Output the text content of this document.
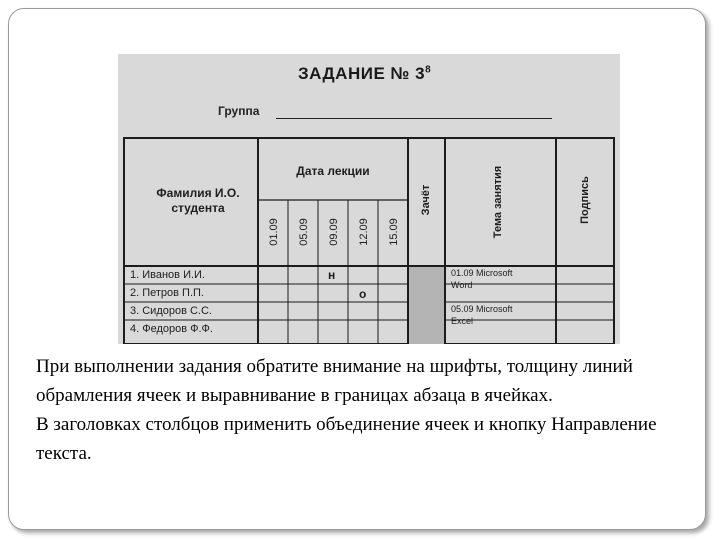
ЗАДАНИЕ № $3^8$
Группа
Фамилия И.О. студента
Дата лекции
01.09 05.09 09.09 12.09 15.09
Зачёт	Тема занятия	Подпись
1. Иванов И.И.
2. Петров П.П.
3. Сидоров С.С.
4. Федоров Ф.Ф.
н
о
01.09 Microsoft Word
05.09 Microsoft Excel

При выполнении задания обратите внимание на шрифты, толщину линий обрамления ячеек и выравнивание в границах абзаца в ячейках.

В заголовках столбцов применить объединение ячеек и кнопку Направление текста.
